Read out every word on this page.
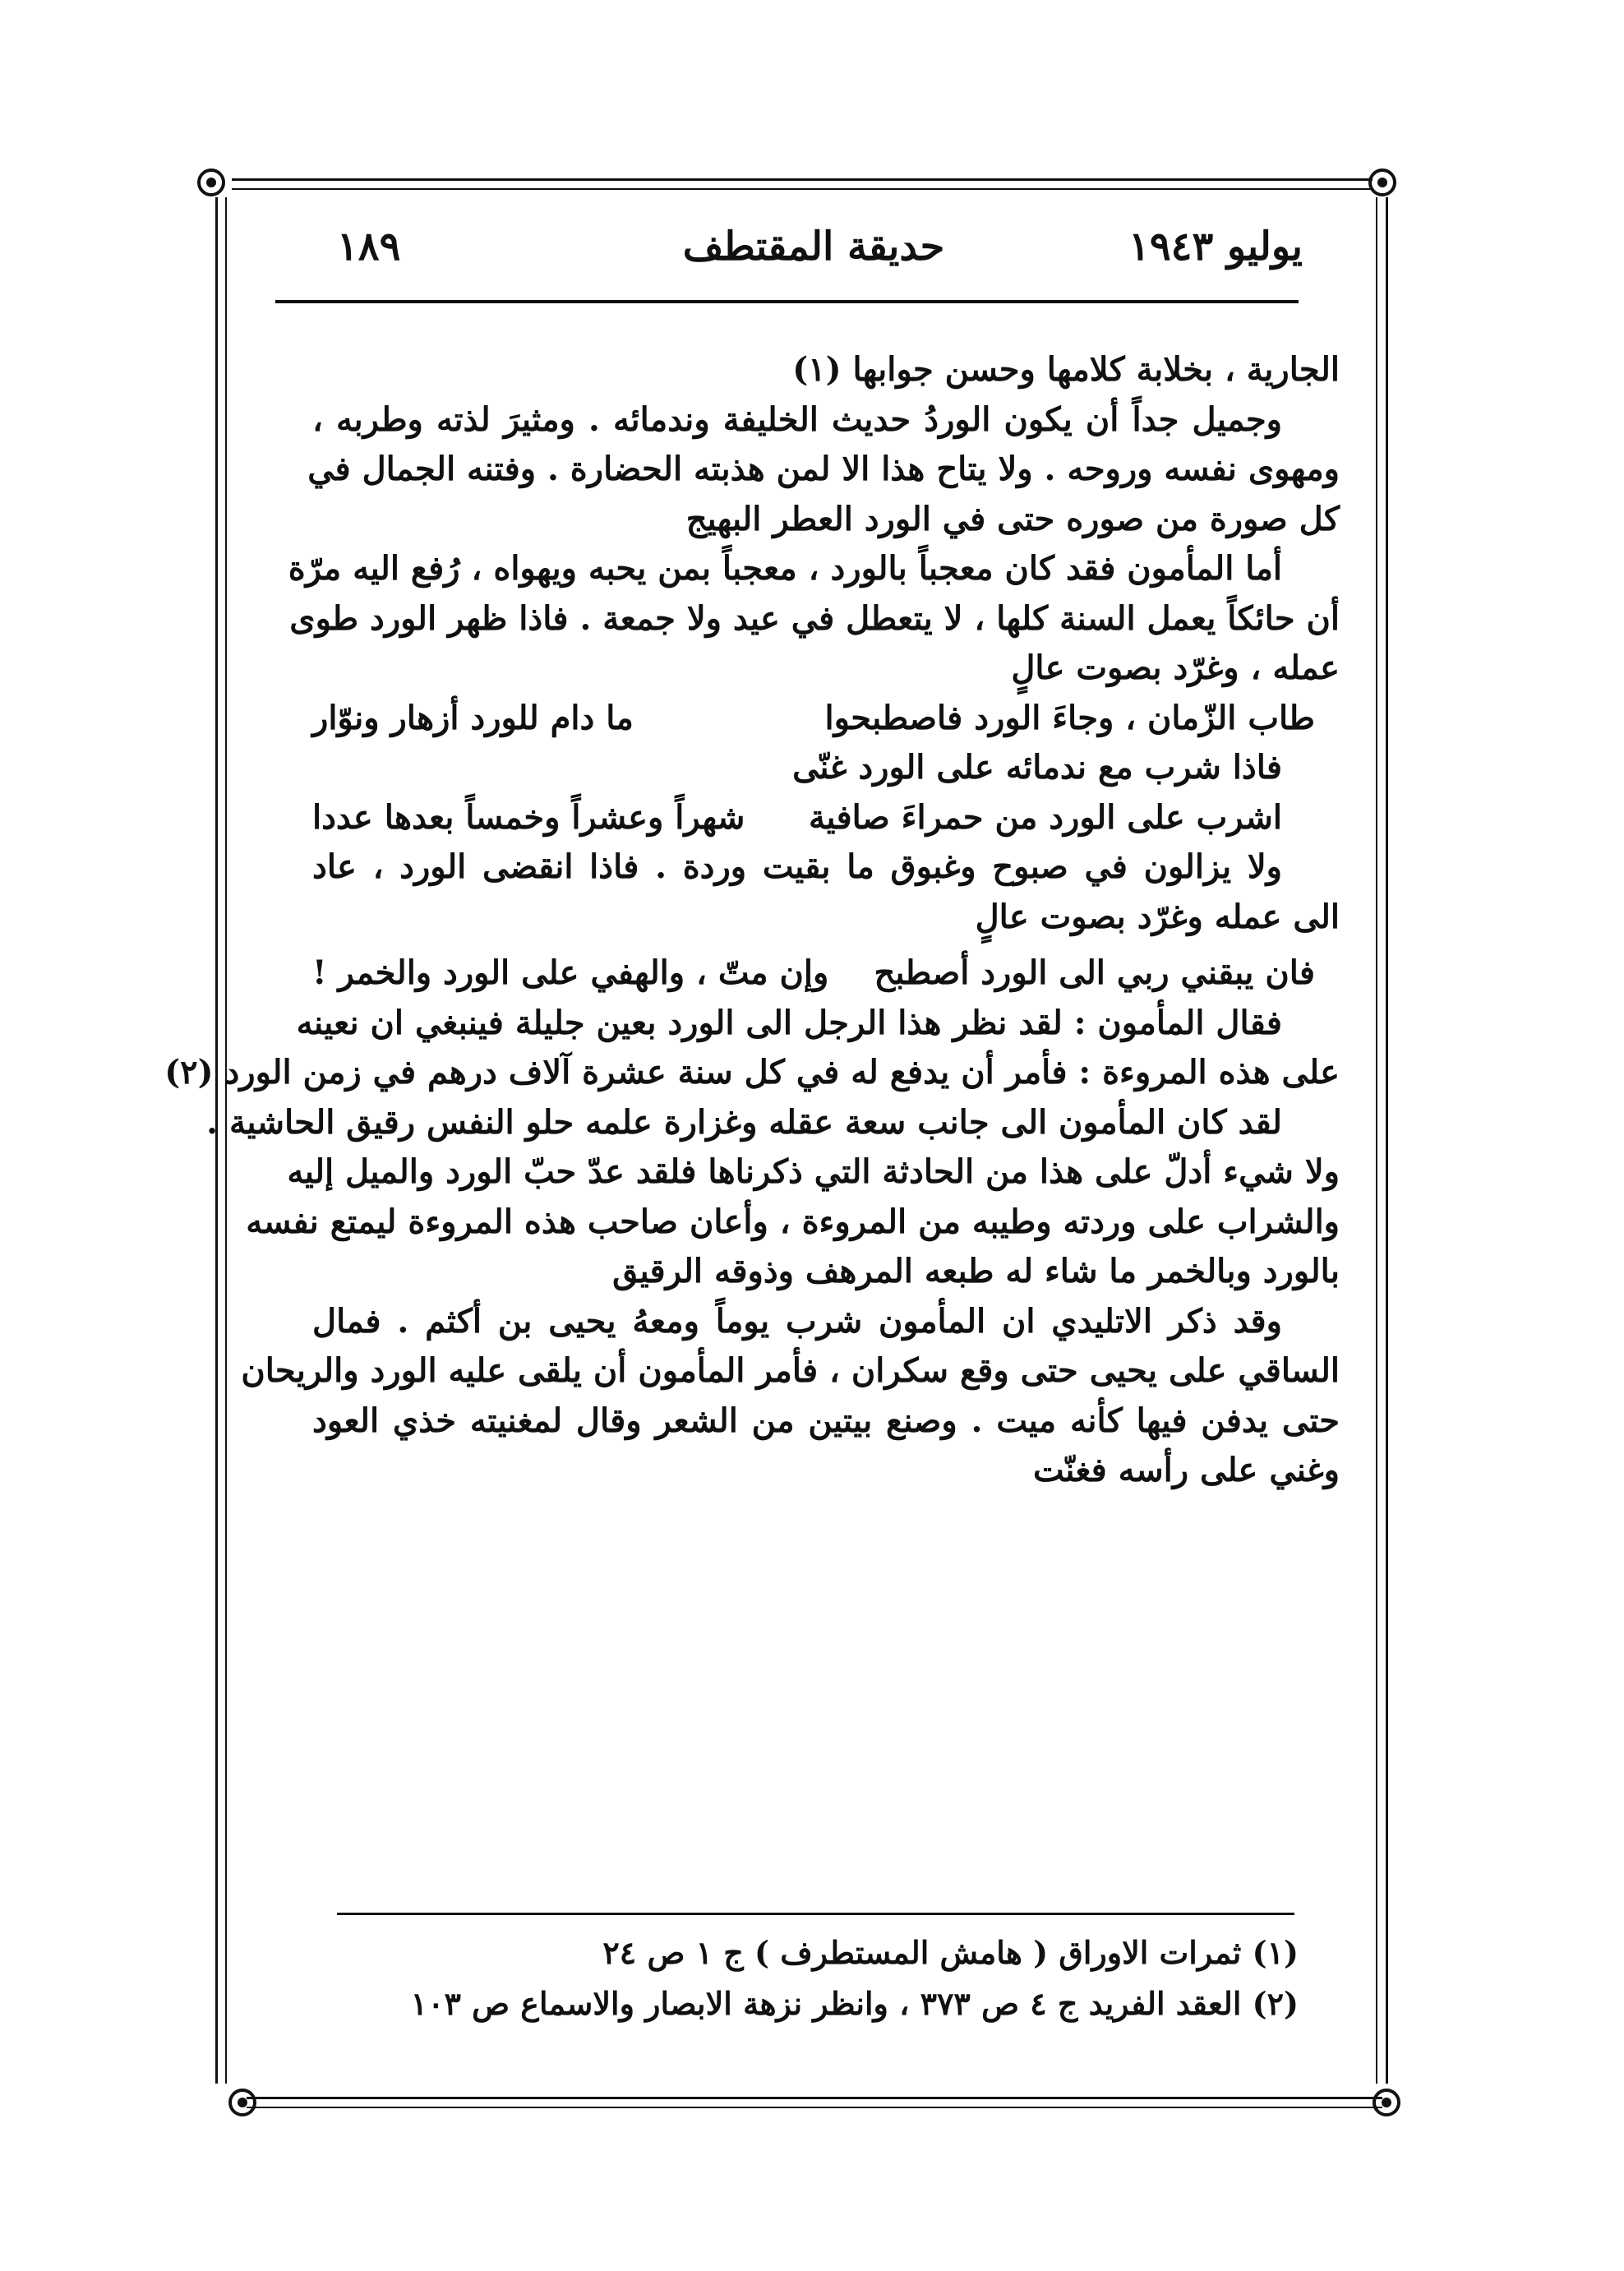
يوليو ١٩٤٣
حديقة المقتطف
١٨٩
الجارية ، بخلابة كلامها وحسن جوابها (١)
وجميل جداً أن يكون الوردُ حديث الخليفة وندمائه . ومثيرَ لذته وطربه ،
ومهوى نفسه وروحه . ولا يتاح هذا الا لمن هذبته الحضارة . وفتنه الجمال في
كل صورة من صوره حتى في الورد العطر البهيج
أما المأمون فقد كان معجباً بالورد ، معجباً بمن يحبه ويهواه ، رُفع اليه مرّة
أن حائكاً يعمل السنة كلها ، لا يتعطل في عيد ولا جمعة . فاذا ظهر الورد طوى
عمله ، وغرّد بصوت عالٍ
طاب الزّمان ، وجاءَ الورد فاصطبحوا
ما دام للورد أزهار ونوّار
فاذا شرب مع ندمائه على الورد غنّى
اشرب على الورد من حمراءَ صافية
شهراً وعشراً وخمساً بعدها عددا
ولا يزالون في صبوح وغبوق ما بقيت وردة . فاذا انقضى الورد ، عاد
الى عمله وغرّد بصوت عالٍ
فان يبقني ربي الى الورد أصطبح
وإن متّ ، والهفي على الورد والخمر !
فقال المأمون : لقد نظر هذا الرجل الى الورد بعين جليلة فينبغي ان نعينه
على هذه المروءة : فأمر أن يدفع له في كل سنة عشرة آلاف درهم في زمن الورد (٢)
لقد كان المأمون الى جانب سعة عقله وغزارة علمه حلو النفس رقيق الحاشية .
ولا شيء أدلّ على هذا من الحادثة التي ذكرناها فلقد عدّ حبّ الورد والميل إليه
والشراب على وردته وطيبه من المروءة ، وأعان صاحب هذه المروءة ليمتع نفسه
بالورد وبالخمر ما شاء له طبعه المرهف وذوقه الرقيق
وقد ذكر الاتليدي ان المأمون شرب يوماً ومعهُ يحيى بن أكثم . فمال
الساقي على يحيى حتى وقع سكران ، فأمر المأمون أن يلقى عليه الورد والريحان
حتى يدفن فيها كأنه ميت . وصنع بيتين من الشعر وقال لمغنيته خذي العود
وغني على رأسه فغنّت
(١) ثمرات الاوراق ( هامش المستطرف ) ج ١ ص ٢٤
(٢) العقد الفريد ج ٤ ص ٣٧٣ ، وانظر نزهة الابصار والاسماع ص ١٠٣
